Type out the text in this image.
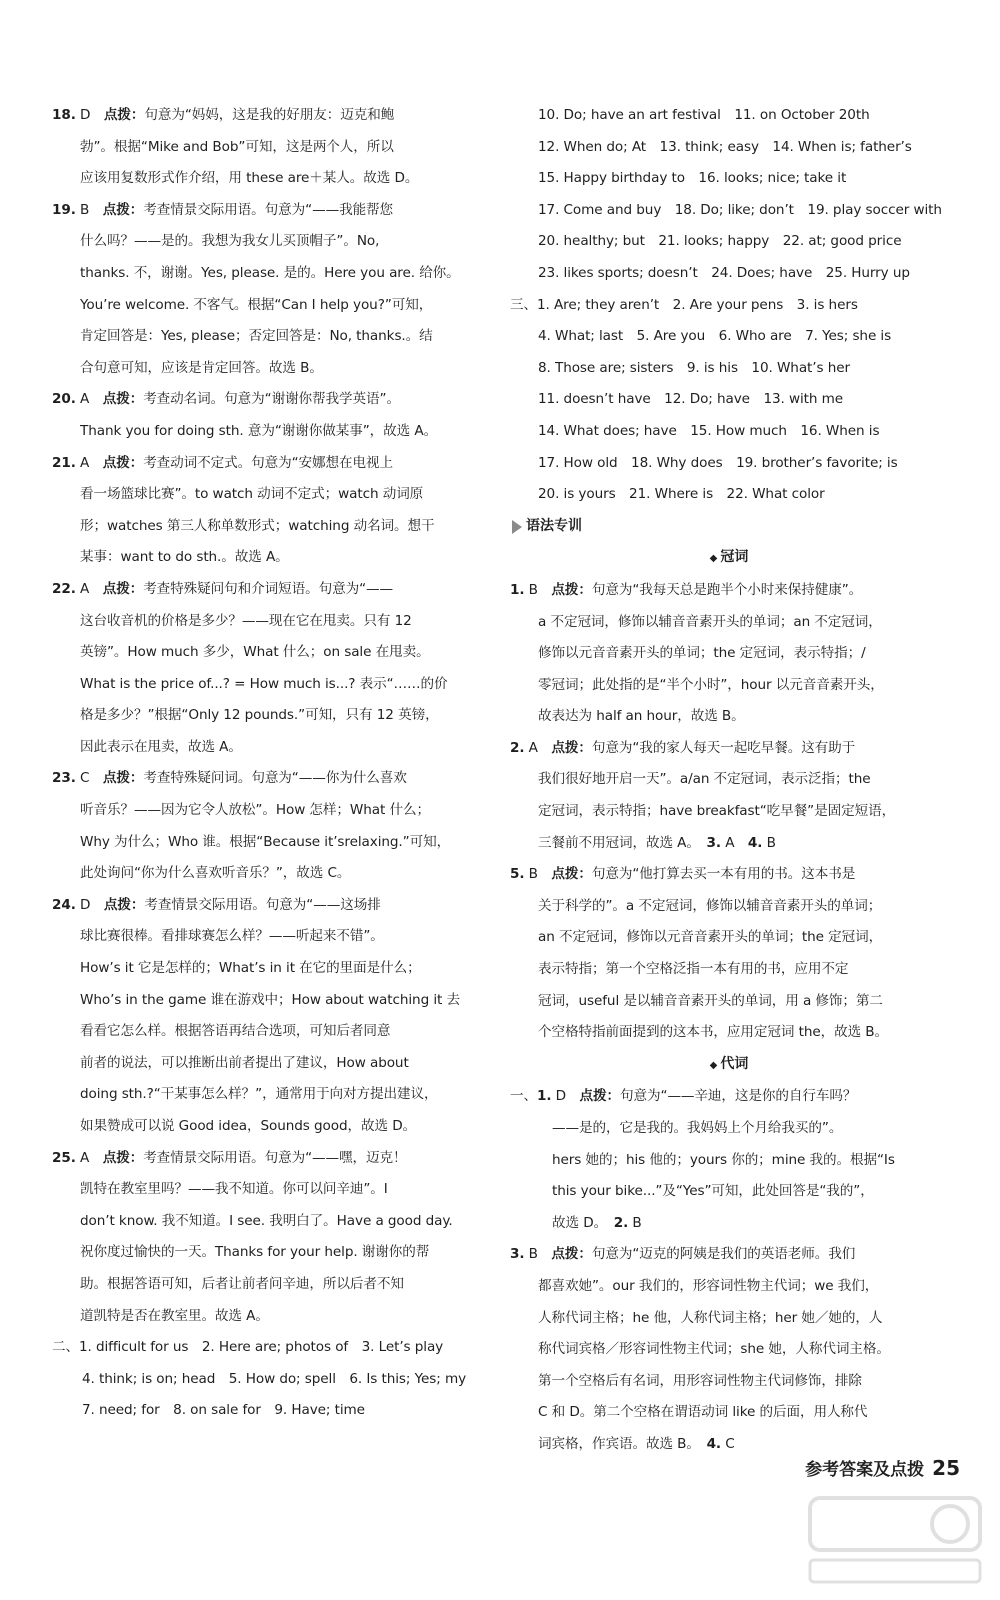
18. D　点拨：句意为“妈妈，这是我的好朋友：迈克和鲍

勃”。根据“Mike and Bob”可知，这是两个人，所以

应该用复数形式作介绍，用 these are＋某人。故选 D。

19. B　点拨：考查情景交际用语。句意为“——我能帮您

什么吗？——是的。我想为我女儿买顶帽子”。No,

thanks. 不，谢谢。Yes, please. 是的。Here you are. 给你。

You’re welcome. 不客气。根据“Can I help you?”可知，

肯定回答是：Yes, please；否定回答是：No, thanks.。结

合句意可知，应该是肯定回答。故选 B。

20. A　点拨：考查动名词。句意为“谢谢你帮我学英语”。

Thank you for doing sth. 意为“谢谢你做某事”，故选 A。

21. A　点拨：考查动词不定式。句意为“安娜想在电视上

看一场篮球比赛”。to watch 动词不定式；watch 动词原

形；watches 第三人称单数形式；watching 动名词。想干

某事：want to do sth.。故选 A。

22. A　点拨：考查特殊疑问句和介词短语。句意为“——

这台收音机的价格是多少？——现在它在甩卖。只有 12

英镑”。How much 多少，What 什么；on sale 在甩卖。

What is the price of...? = How much is...? 表示“……的价

格是多少？”根据“Only 12 pounds.”可知，只有 12 英镑，

因此表示在甩卖，故选 A。

23. C　点拨：考查特殊疑问词。句意为“——你为什么喜欢

听音乐？——因为它令人放松”。How 怎样；What 什么；

Why 为什么；Who 谁。根据“Because it’srelaxing.”可知，

此处询问“你为什么喜欢听音乐？”，故选 C。

24. D　点拨：考查情景交际用语。句意为“——这场排

球比赛很棒。看排球赛怎么样？——听起来不错”。

How’s it 它是怎样的；What’s in it 在它的里面是什么；

Who’s in the game 谁在游戏中；How about watching it 去

看看它怎么样。根据答语再结合选项，可知后者同意

前者的说法，可以推断出前者提出了建议，How about

doing sth.?“干某事怎么样？”，通常用于向对方提出建议，

如果赞成可以说 Good idea，Sounds good，故选 D。

25. A　点拨：考查情景交际用语。句意为“——嘿，迈克！

凯特在教室里吗？——我不知道。你可以问辛迪”。I

don’t know. 我不知道。I see. 我明白了。Have a good day.

祝你度过愉快的一天。Thanks for your help. 谢谢你的帮

助。根据答语可知，后者让前者问辛迪，所以后者不知

道凯特是否在教室里。故选 A。

二、1. difficult for us　2. Here are; photos of　3. Let’s play

4. think; is on; head　5. How do; spell　6. Is this; Yes; my

7. need; for　8. on sale for　9. Have; time

10. Do; have an art festival　11. on October 20th

12. When do; At　13. think; easy　14. When is; father’s

15. Happy birthday to　16. looks; nice; take it

17. Come and buy　18. Do; like; don’t　19. play soccer with

20. healthy; but　21. looks; happy　22. at; good price

23. likes sports; doesn’t　24. Does; have　25. Hurry up

三、1. Are; they aren’t　2. Are your pens　3. is hers

4. What; last　5. Are you　6. Who are　7. Yes; she is

8. Those are; sisters　9. is his　10. What’s her

11. doesn’t have　12. Do; have　13. with me

14. What does; have　15. How much　16. When is

17. How old　18. Why does　19. brother’s favorite; is

20. is yours　21. Where is　22. What color

语法专训
◆ 冠词

1. B　点拨：句意为“我每天总是跑半个小时来保持健康”。

a 不定冠词，修饰以辅音音素开头的单词；an 不定冠词，

修饰以元音音素开头的单词；the 定冠词，表示特指；/

零冠词；此处指的是“半个小时”，hour 以元音音素开头，

故表达为 half an hour，故选 B。

2. A　点拨：句意为“我的家人每天一起吃早餐。这有助于

我们很好地开启一天”。a/an 不定冠词，表示泛指；the

定冠词，表示特指；have breakfast“吃早餐”是固定短语，

三餐前不用冠词，故选 A。　3. A　4. B

5. B　点拨：句意为“他打算去买一本有用的书。这本书是

关于科学的”。a 不定冠词，修饰以辅音音素开头的单词；

an 不定冠词，修饰以元音音素开头的单词；the 定冠词，

表示特指；第一个空格泛指一本有用的书，应用不定

冠词，useful 是以辅音音素开头的单词，用 a 修饰；第二

个空格特指前面提到的这本书，应用定冠词 the，故选 B。

◆ 代词

一、1. D　点拨：句意为“——辛迪，这是你的自行车吗？

——是的，它是我的。我妈妈上个月给我买的”。

hers 她的；his 他的；yours 你的；mine 我的。根据“Is

this your bike...”及“Yes”可知，此处回答是“我的”，

故选 D。　2. B

3. B　点拨：句意为“迈克的阿姨是我们的英语老师。我们

都喜欢她”。our 我们的，形容词性物主代词；we 我们，

人称代词主格；he 他，人称代词主格；her 她／她的，人

称代词宾格／形容词性物主代词；she 她，人称代词主格。

第一个空格后有名词，用形容词性物主代词修饰，排除

C 和 D。第二个空格在谓语动词 like 的后面，用人称代

词宾格，作宾语。故选 B。　4. C

参考答案及点拨 25
